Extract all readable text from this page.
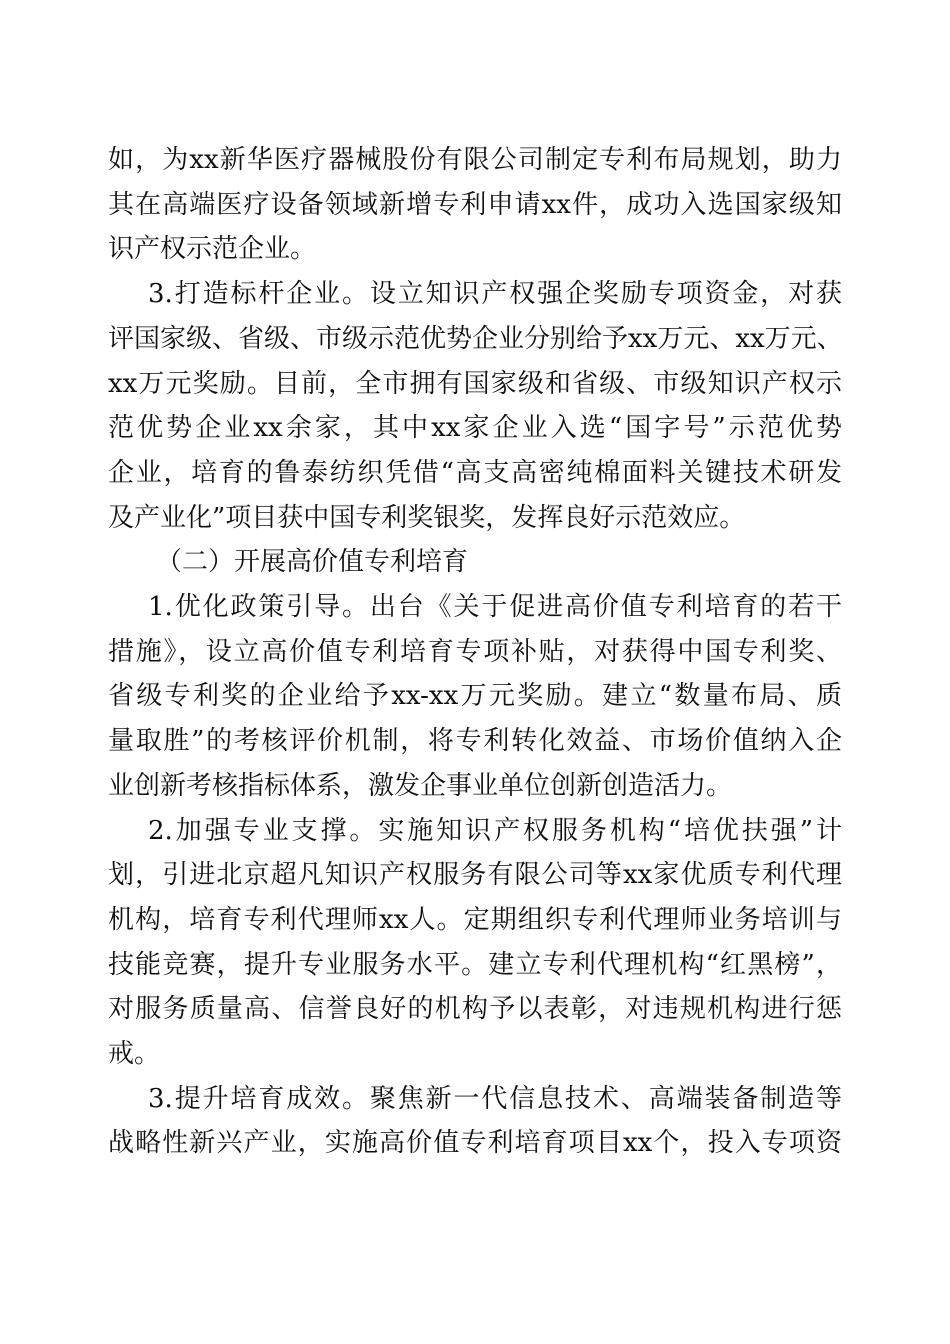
如，为xx新华医疗器械股份有限公司制定专利布局规划，助力
其在高端医疗设备领域新增专利申请xx件，成功入选国家级知
识产权示范企业。
3.打造标杆企业。设立知识产权强企奖励专项资金，对获
评国家级、省级、市级示范优势企业分别给予xx万元、xx万元、
xx万元奖励。目前，全市拥有国家级和省级、市级知识产权示
范优势企业xx余家，其中xx家企业入选“国字号”示范优势
企业，培育的鲁泰纺织凭借“高支高密纯棉面料关键技术研发
及产业化”项目获中国专利奖银奖，发挥良好示范效应。
（二）开展高价值专利培育
1.优化政策引导。出台《关于促进高价值专利培育的若干
措施》，设立高价值专利培育专项补贴，对获得中国专利奖、
省级专利奖的企业给予xx-xx万元奖励。建立“数量布局、质
量取胜”的考核评价机制，将专利转化效益、市场价值纳入企
业创新考核指标体系，激发企事业单位创新创造活力。
2.加强专业支撑。实施知识产权服务机构“培优扶强”计
划，引进北京超凡知识产权服务有限公司等xx家优质专利代理
机构，培育专利代理师xx人。定期组织专利代理师业务培训与
技能竞赛，提升专业服务水平。建立专利代理机构“红黑榜”，
对服务质量高、信誉良好的机构予以表彰，对违规机构进行惩
戒。
3.提升培育成效。聚焦新一代信息技术、高端装备制造等
战略性新兴产业，实施高价值专利培育项目xx个，投入专项资
